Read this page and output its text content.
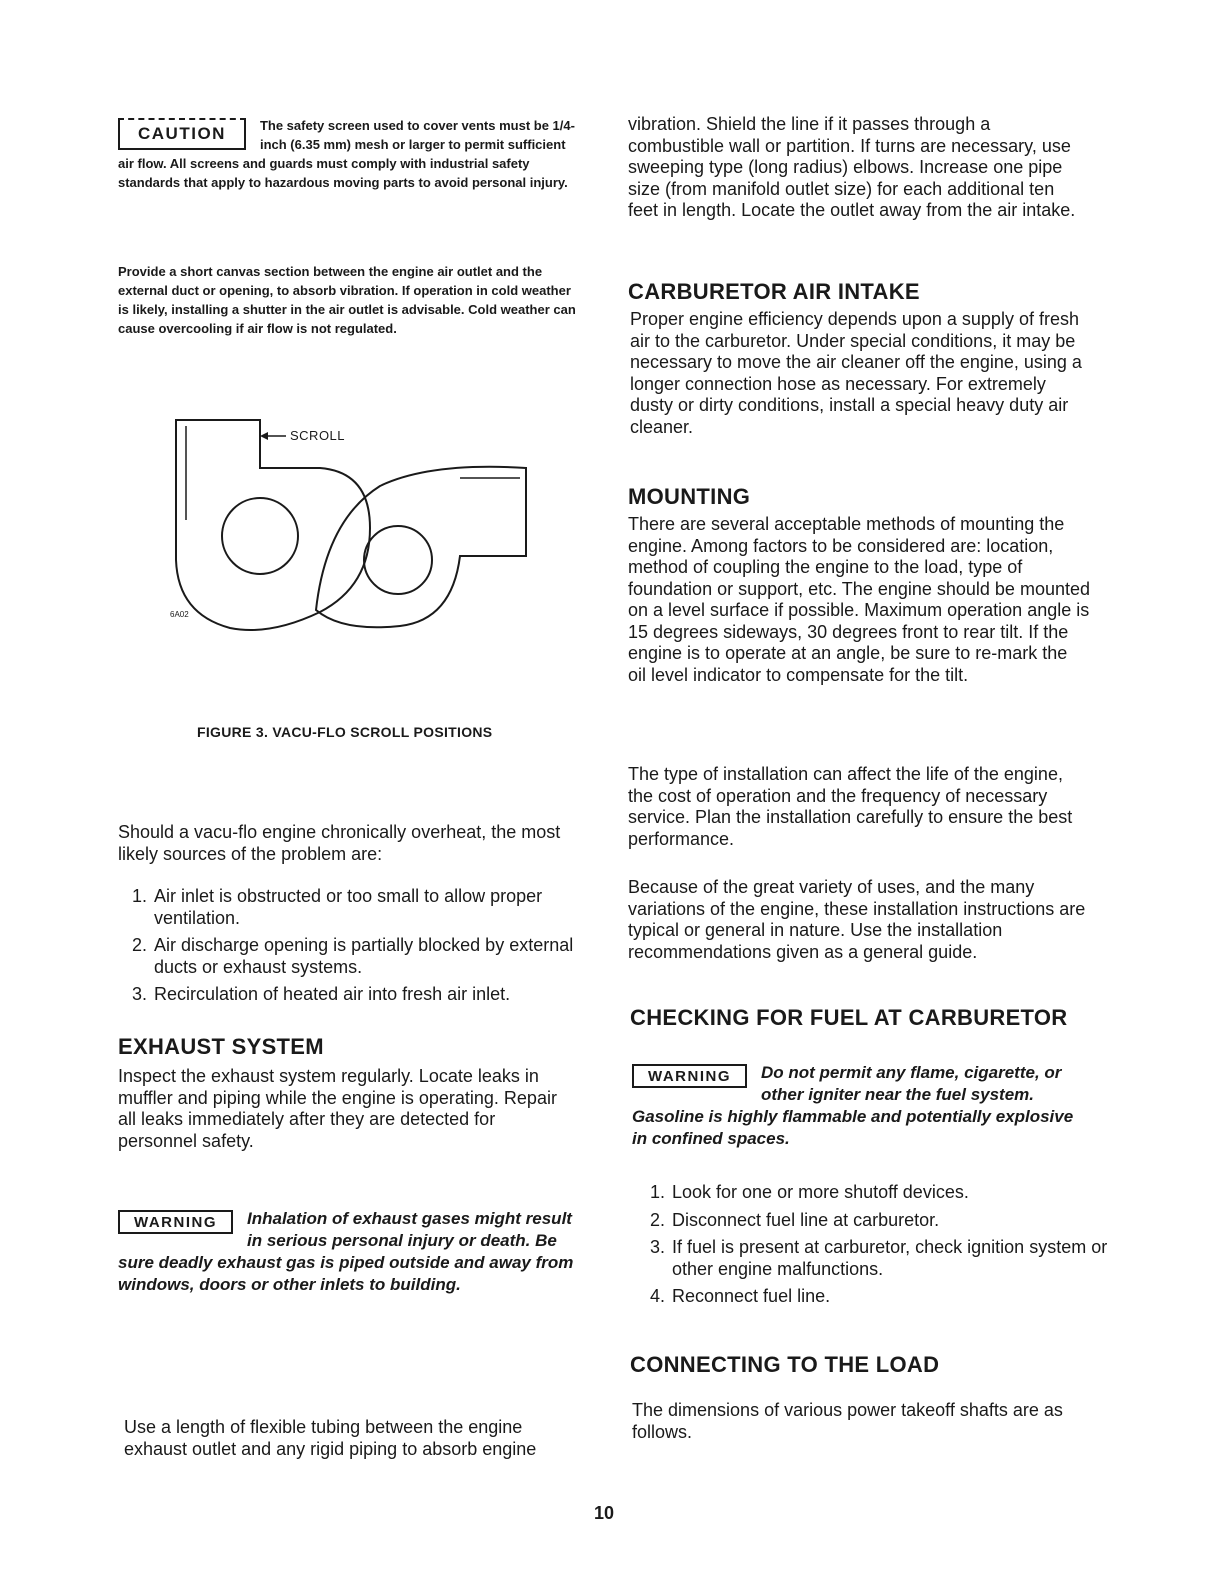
CAUTION	The safety screen used to cover vents must be 1/4-inch (6.35 mm) mesh or larger to permit sufficient air flow. All screens and guards must comply with industrial safety standards that apply to hazardous moving parts to avoid personal injury.

Provide a short canvas section between the engine air outlet and the external duct or opening, to absorb vibration. If operation in cold weather is likely, installing a shutter in the air outlet is advisable. Cold weather can cause overcooling if air flow is not regulated.

SCROLL
6A02
FIGURE 3. VACU-FLO SCROLL POSITIONS

Should a vacu-flo engine chronically overheat, the most likely sources of the problem are:

1. Air inlet is obstructed or too small to allow proper ventilation.
2. Air discharge opening is partially blocked by external ducts or exhaust systems.
3. Recirculation of heated air into fresh air inlet.
EXHAUST SYSTEM

Inspect the exhaust system regularly. Locate leaks in muffler and piping while the engine is operating. Repair all leaks immediately after they are detected for personnel safety.

WARNING	Inhalation of exhaust gases might result in serious personal injury or death. Be sure deadly exhaust gas is piped outside and away from windows, doors or other inlets to building.

Use a length of flexible tubing between the engine exhaust outlet and any rigid piping to absorb engine

vibration. Shield the line if it passes through a combustible wall or partition. If turns are necessary, use sweeping type (long radius) elbows. Increase one pipe size (from manifold outlet size) for each additional ten feet in length. Locate the outlet away from the air intake.

CARBURETOR AIR INTAKE

Proper engine efficiency depends upon a supply of fresh air to the carburetor. Under special conditions, it may be necessary to move the air cleaner off the engine, using a longer connection hose as necessary. For extremely dusty or dirty conditions, install a special heavy duty air cleaner.

MOUNTING

There are several acceptable methods of mounting the engine. Among factors to be considered are: location, method of coupling the engine to the load, type of foundation or support, etc. The engine should be mounted on a level surface if possible. Maximum operation angle is 15 degrees sideways, 30 degrees front to rear tilt. If the engine is to operate at an angle, be sure to re-mark the oil level indicator to compensate for the tilt.

The type of installation can affect the life of the engine, the cost of operation and the frequency of necessary service. Plan the installation carefully to ensure the best performance.

Because of the great variety of uses, and the many variations of the engine, these installation instructions are typical or general in nature. Use the installation recommendations given as a general guide.

CHECKING FOR FUEL AT CARBURETOR
WARNING	Do not permit any flame, cigarette, or other igniter near the fuel system. Gasoline is highly flammable and potentially explosive in confined spaces.

1. Look for one or more shutoff devices.
2. Disconnect fuel line at carburetor.
3. If fuel is present at carburetor, check ignition system or other engine malfunctions.
4. Reconnect fuel line.
CONNECTING TO THE LOAD

The dimensions of various power takeoff shafts are as follows.

10
